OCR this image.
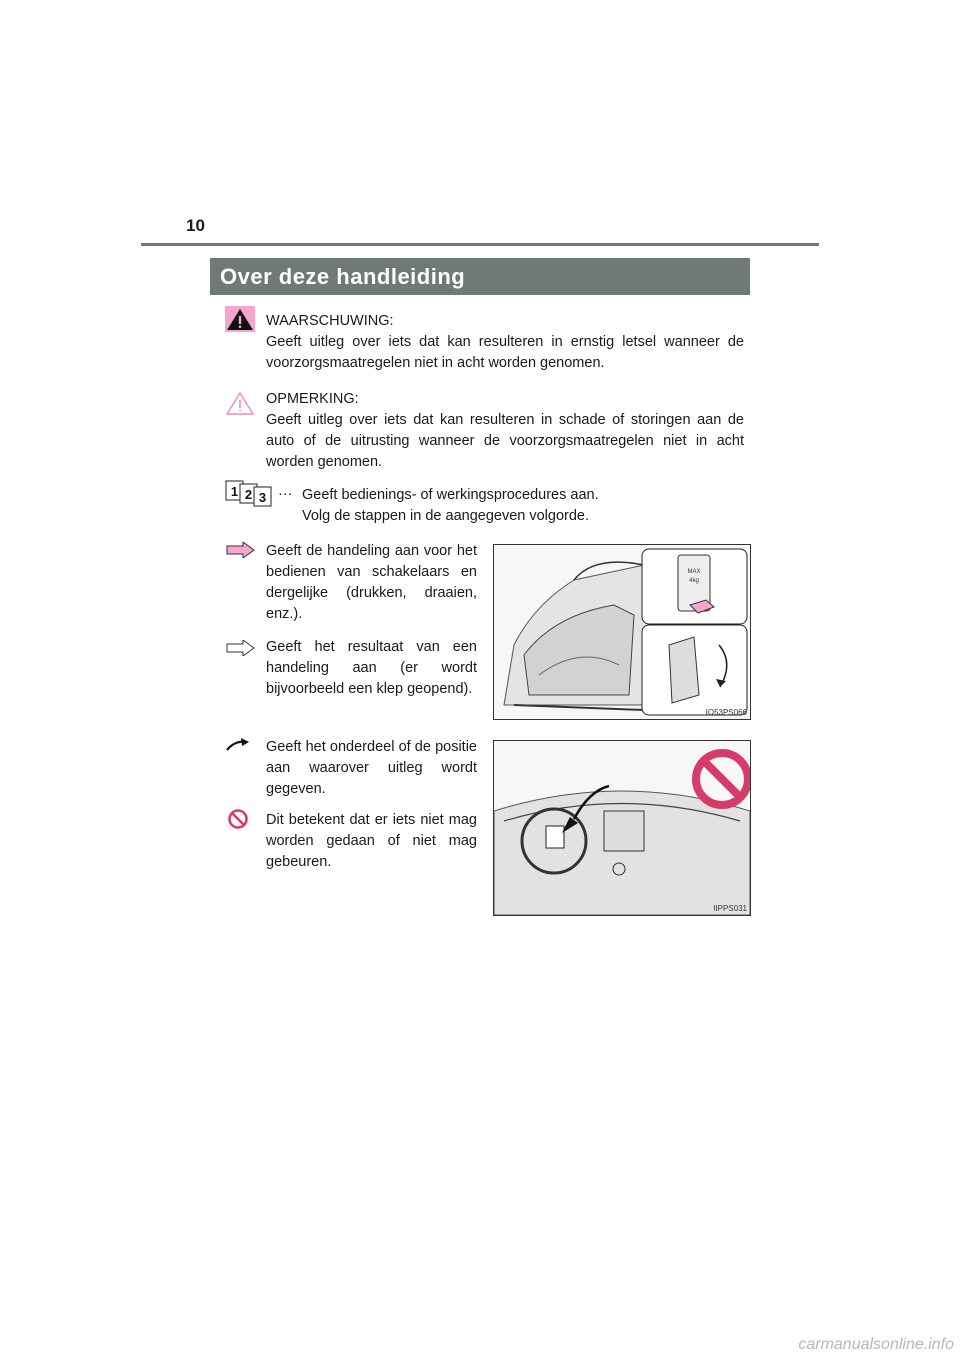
10
Over deze handleiding
WAARSCHUWING:
Geeft uitleg over iets dat kan resulteren in ernstig letsel wanneer de voorzorgsmaatregelen niet in acht worden genomen.
OPMERKING:
Geeft uitleg over iets dat kan resulteren in schade of storingen aan de auto of de uitrusting wanneer de voorzorgsmaatregelen niet in acht worden genomen.
1 2 3 ··· Geeft bedienings- of werkingsprocedures aan.
Volg de stappen in de aangegeven volgorde.
Geeft de handeling aan voor het bedienen van schakelaars en dergelijke (drukken, draaien, enz.).
Geeft het resultaat van een handeling aan (er wordt bijvoorbeeld een klep geopend).
Geeft het onderdeel of de positie aan waarover uitleg wordt gegeven.
Dit betekent dat er iets niet mag worden gedaan of niet mag gebeuren.
MAX
4kg
IO53PS066
IIPPS031
carmanualsonline.info
